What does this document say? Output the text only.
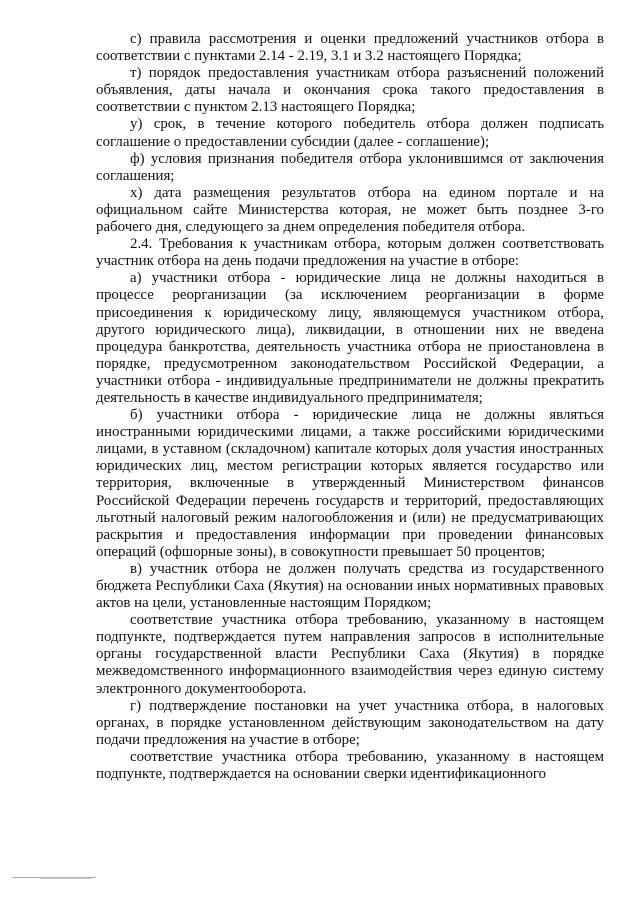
с) правила рассмотрения и оценки предложений участников отбора в соответствии с пунктами 2.14 - 2.19, 3.1 и 3.2 настоящего Порядка;

т) порядок предоставления участникам отбора разъяснений положений объявления, даты начала и окончания срока такого предоставления в соответствии с пунктом 2.13 настоящего Порядка;

у) срок, в течение которого победитель отбора должен подписать соглашение о предоставлении субсидии (далее - соглашение);

ф) условия признания победителя отбора уклонившимся от заключения соглашения;

х) дата размещения результатов отбора на едином портале и на официальном сайте Министерства которая, не может быть позднее 3-го рабочего дня, следующего за днем определения победителя отбора.

2.4. Требования к участникам отбора, которым должен соответствовать участник отбора на день подачи предложения на участие в отборе:

а) участники отбора - юридические лица не должны находиться в процессе реорганизации (за исключением реорганизации в форме присоединения к юридическому лицу, являющемуся участником отбора, другого юридического лица), ликвидации, в отношении них не введена процедура банкротства, деятельность участника отбора не приостановлена в порядке, предусмотренном законодательством Российской Федерации, а участники отбора - индивидуальные предприниматели не должны прекратить деятельность в качестве индивидуального предпринимателя;

б) участники отбора - юридические лица не должны являться иностранными юридическими лицами, а также российскими юридическими лицами, в уставном (складочном) капитале которых доля участия иностранных юридических лиц, местом регистрации которых является государство или территория, включенные в утвержденный Министерством финансов Российской Федерации перечень государств и территорий, предоставляющих льготный налоговый режим налогообложения и (или) не предусматривающих раскрытия и предоставления информации при проведении финансовых операций (офшорные зоны), в совокупности превышает 50 процентов;

в) участник отбора не должен получать средства из государственного бюджета Республики Саха (Якутия) на основании иных нормативных правовых актов на цели, установленные настоящим Порядком;

соответствие участника отбора требованию, указанному в настоящем подпункте, подтверждается путем направления запросов в исполнительные органы государственной власти Республики Саха (Якутия) в порядке межведомственного информационного взаимодействия через единую систему электронного документооборота.

г) подтверждение постановки на учет участника отбора, в налоговых органах, в порядке установленном действующим законодательством на дату подачи предложения на участие в отборе;

соответствие участника отбора требованию, указанному в настоящем подпункте, подтверждается на основании сверки идентификационного
